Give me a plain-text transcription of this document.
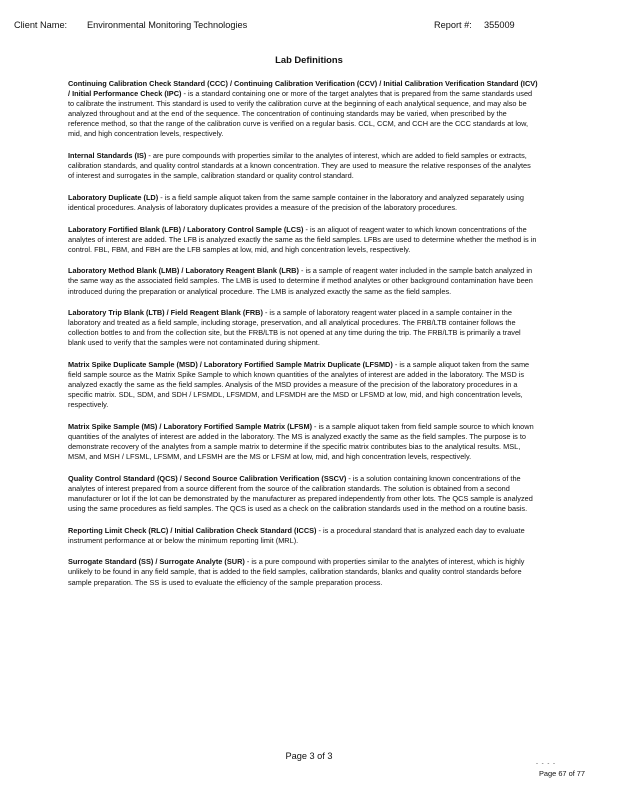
Client Name: Environmental Monitoring Technologies	Report #: 355009
Lab Definitions

Continuing Calibration Check Standard (CCC) / Continuing Calibration Verification (CCV) / Initial Calibration Verification Standard (ICV) / Initial Performance Check (IPC) - is a standard containing one or more of the target analytes that is prepared from the same standards used to calibrate the instrument. This standard is used to verify the calibration curve at the beginning of each analytical sequence, and may also be analyzed throughout and at the end of the sequence. The concentration of continuing standards may be varied, when prescribed by the reference method, so that the range of the calibration curve is verified on a regular basis. CCL, CCM, and CCH are the CCC standards at low, mid, and high concentration levels, respectively.

Internal Standards (IS) - are pure compounds with properties similar to the analytes of interest, which are added to field samples or extracts, calibration standards, and quality control standards at a known concentration. They are used to measure the relative responses of the analytes of interest and surrogates in the sample, calibration standard or quality control standard.

Laboratory Duplicate (LD) - is a field sample aliquot taken from the same sample container in the laboratory and analyzed separately using identical procedures. Analysis of laboratory duplicates provides a measure of the precision of the laboratory procedures.

Laboratory Fortified Blank (LFB) / Laboratory Control Sample (LCS) - is an aliquot of reagent water to which known concentrations of the analytes of interest are added. The LFB is analyzed exactly the same as the field samples. LFBs are used to determine whether the method is in control. FBL, FBM, and FBH are the LFB samples at low, mid, and high concentration levels, respectively.

Laboratory Method Blank (LMB) / Laboratory Reagent Blank (LRB) - is a sample of reagent water included in the sample batch analyzed in the same way as the associated field samples. The LMB is used to determine if method analytes or other background contamination have been introduced during the preparation or analytical procedure. The LMB is analyzed exactly the same as the field samples.

Laboratory Trip Blank (LTB) / Field Reagent Blank (FRB) - is a sample of laboratory reagent water placed in a sample container in the laboratory and treated as a field sample, including storage, preservation, and all analytical procedures. The FRB/LTB container follows the collection bottles to and from the collection site, but the FRB/LTB is not opened at any time during the trip. The FRB/LTB is primarily a travel blank used to verify that the samples were not contaminated during shipment.

Matrix Spike Duplicate Sample (MSD) / Laboratory Fortified Sample Matrix Duplicate (LFSMD) - is a sample aliquot taken from the same field sample source as the Matrix Spike Sample to which known quantities of the analytes of interest are added in the laboratory. The MSD is analyzed exactly the same as the field samples. Analysis of the MSD provides a measure of the precision of the laboratory procedures in a specific matrix. SDL, SDM, and SDH / LFSMDL, LFSMDM, and LFSMDH are the MSD or LFSMD at low, mid, and high concentration levels, respectively.

Matrix Spike Sample (MS) / Laboratory Fortified Sample Matrix (LFSM) - is a sample aliquot taken from field sample source to which known quantities of the analytes of interest are added in the laboratory. The MS is analyzed exactly the same as the field samples. The purpose is to demonstrate recovery of the analytes from a sample matrix to determine if the specific matrix contributes bias to the analytical results. MSL, MSM, and MSH / LFSML, LFSMM, and LFSMH are the MS or LFSM at low, mid, and high concentration levels, respectively.

Quality Control Standard (QCS) / Second Source Calibration Verification (SSCV) - is a solution containing known concentrations of the analytes of interest prepared from a source different from the source of the calibration standards. The solution is obtained from a second manufacturer or lot if the lot can be demonstrated by the manufacturer as prepared independently from other lots. The QCS sample is analyzed using the same procedures as field samples. The QCS is used as a check on the calibration standards used in the method on a routine basis.

Reporting Limit Check (RLC) / Initial Calibration Check Standard (ICCS) - is a procedural standard that is analyzed each day to evaluate instrument performance at or below the minimum reporting limit (MRL).

Surrogate Standard (SS) / Surrogate Analyte (SUR) - is a pure compound with properties similar to the analytes of interest, which is highly unlikely to be found in any field sample, that is added to the field samples, calibration standards, blanks and quality control standards before sample preparation. The SS is used to evaluate the efficiency of the sample preparation process.

Page 3 of 3
- - - -
Page 67 of 77
